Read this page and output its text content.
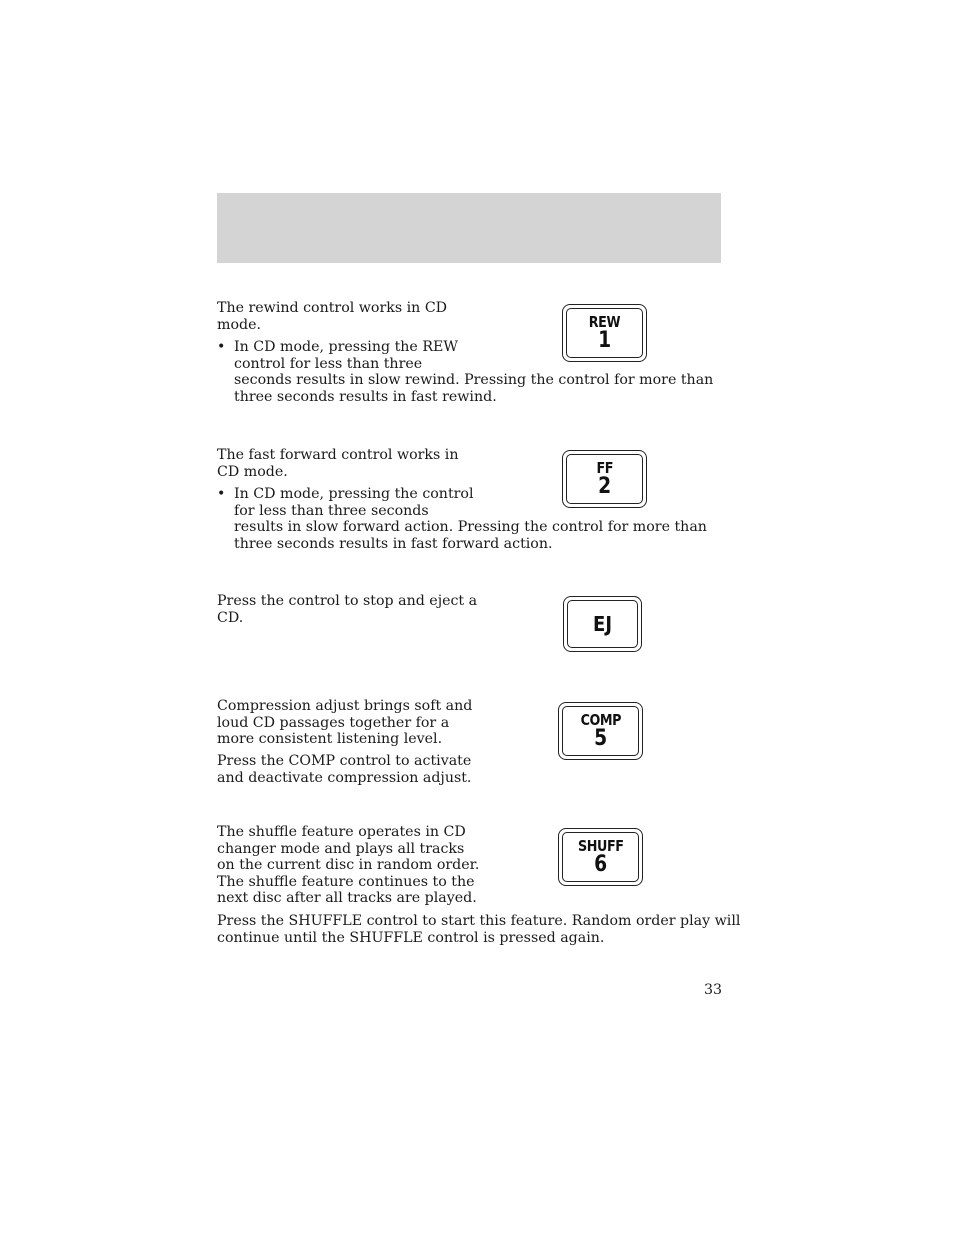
The rewind control works in CD
mode.
• In CD mode, pressing the REW
control for less than three
seconds results in slow rewind. Pressing the control for more than
three seconds results in fast rewind.
REW
1
The fast forward control works in
CD mode.
• In CD mode, pressing the control
for less than three seconds
results in slow forward action. Pressing the control for more than
three seconds results in fast forward action.
FF
2
Press the control to stop and eject a
CD.	EJ
Compression adjust brings soft and
loud CD passages together for a
more consistent listening level.
Press the COMP control to activate
and deactivate compression adjust.
COMP
5
The shuffle feature operates in CD
changer mode and plays all tracks
on the current disc in random order.
The shuffle feature continues to the
next disc after all tracks are played.
Press the SHUFFLE control to start this feature. Random order play will
continue until the SHUFFLE control is pressed again.
SHUFF
6
33
